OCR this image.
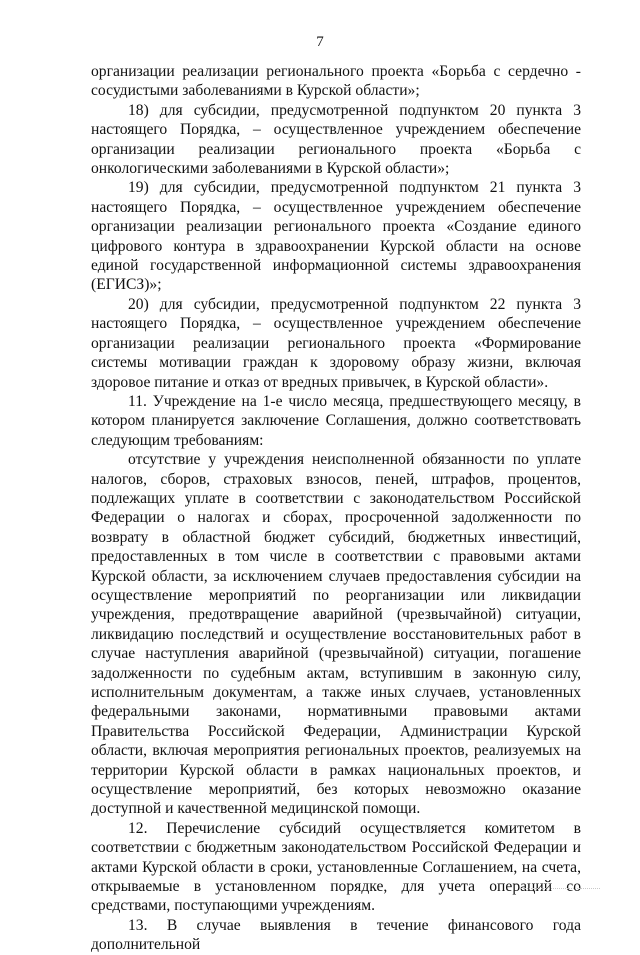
7

организации реализации регионального проекта «Борьба с сердечно - сосудистыми заболеваниями в Курской области»;

18) для субсидии, предусмотренной подпунктом 20 пункта 3 настоящего Порядка, – осуществленное учреждением обеспечение организации реализации регионального проекта «Борьба с онкологическими заболеваниями в Курской области»;

19) для субсидии, предусмотренной подпунктом 21 пункта 3 настоящего Порядка, – осуществленное учреждением обеспечение организации реализации регионального проекта «Создание единого цифрового контура в здравоохранении Курской области на основе единой государственной информационной системы здравоохранения (ЕГИСЗ)»;

20) для субсидии, предусмотренной подпунктом 22 пункта 3 настоящего Порядка, – осуществленное учреждением обеспечение организации реализации регионального проекта «Формирование системы мотивации граждан к здоровому образу жизни, включая здоровое питание и отказ от вредных привычек, в Курской области».

11. Учреждение на 1-е число месяца, предшествующего месяцу, в котором планируется заключение Соглашения, должно соответствовать следующим требованиям:

отсутствие у учреждения неисполненной обязанности по уплате налогов, сборов, страховых взносов, пеней, штрафов, процентов, подлежащих уплате в соответствии с законодательством Российской Федерации о налогах и сборах, просроченной задолженности по возврату в областной бюджет субсидий, бюджетных инвестиций, предоставленных в том числе в соответствии с правовыми актами Курской области, за исключением случаев предоставления субсидии на осуществление мероприятий по реорганизации или ликвидации учреждения, предотвращение аварийной (чрезвычайной) ситуации, ликвидацию последствий и осуществление восстановительных работ в случае наступления аварийной (чрезвычайной) ситуации, погашение задолженности по судебным актам, вступившим в законную силу, исполнительным документам, а также иных случаев, установленных федеральными законами, нормативными правовыми актами Правительства Российской Федерации, Администрации Курской области, включая мероприятия региональных проектов, реализуемых на территории Курской области в рамках национальных проектов, и осуществление мероприятий, без которых невозможно оказание доступной и качественной медицинской помощи.

12. Перечисление субсидий осуществляется комитетом в соответствии с бюджетным законодательством Российской Федерации и актами Курской области в сроки, установленные Соглашением, на счета, открываемые в установленном порядке, для учета операций со средствами, поступающими учреждениям.

13. В случае выявления в течение финансового года дополнительной
